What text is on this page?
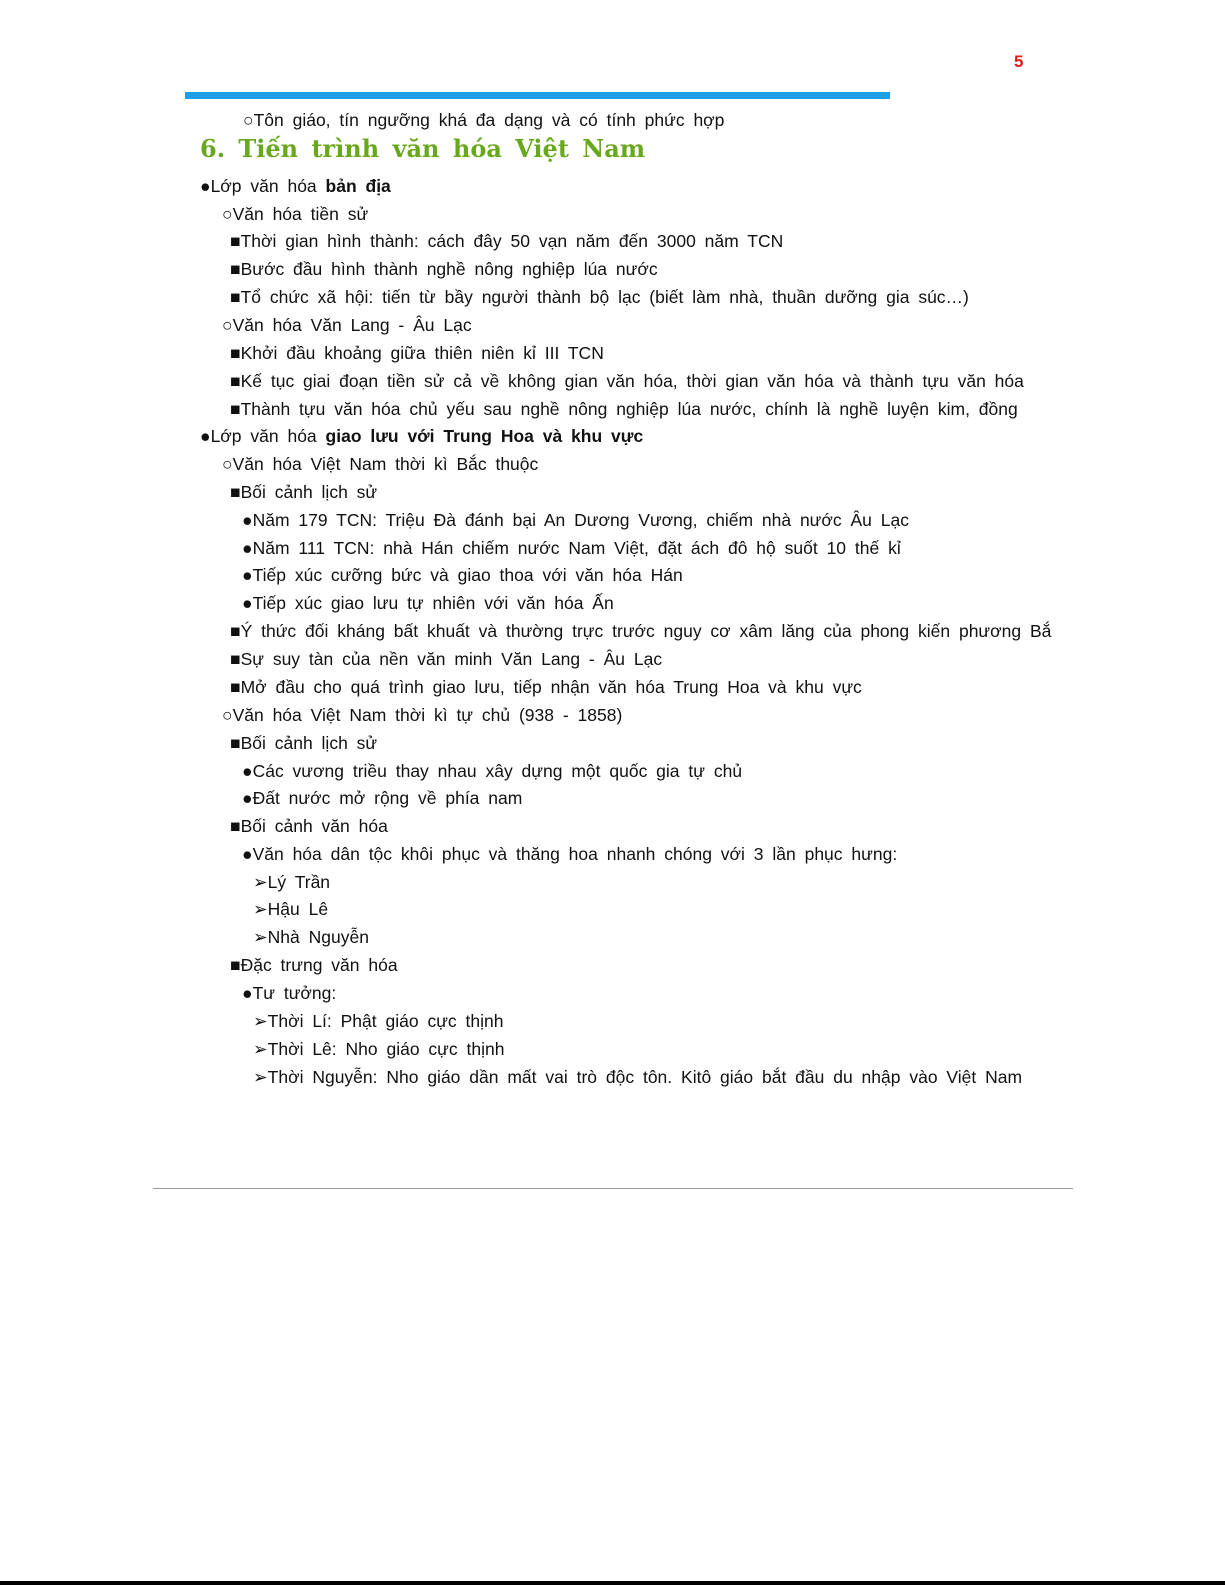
5
○Tôn giáo, tín ngưỡng khá đa dạng và có tính phức hợp
6. Tiến trình văn hóa Việt Nam
●Lớp văn hóa bản địa
○Văn hóa tiền sử
■Thời gian hình thành: cách đây 50 vạn năm đến 3000 năm TCN
■Bước đầu hình thành nghề nông nghiệp lúa nước
■Tổ chức xã hội: tiến từ bầy người thành bộ lạc (biết làm nhà, thuần dưỡng gia súc…)
○Văn hóa Văn Lang - Âu Lạc
■Khởi đầu khoảng giữa thiên niên kỉ III TCN
■Kế tục giai đoạn tiền sử cả về không gian văn hóa, thời gian văn hóa và thành tựu văn hóa
■Thành tựu văn hóa chủ yếu sau nghề nông nghiệp lúa nước, chính là nghề luyện kim, đồng
●Lớp văn hóa giao lưu với Trung Hoa và khu vực
○Văn hóa Việt Nam thời kì Bắc thuộc
■Bối cảnh lịch sử
●Năm 179 TCN: Triệu Đà đánh bại An Dương Vương, chiếm nhà nước Âu Lạc
●Năm 111 TCN: nhà Hán chiếm nước Nam Việt, đặt ách đô hộ suốt 10 thế kỉ
●Tiếp xúc cưỡng bức và giao thoa với văn hóa Hán
●Tiếp xúc giao lưu tự nhiên với văn hóa Ấn
■Ý thức đối kháng bất khuất và thường trực trước nguy cơ xâm lăng của phong kiến phương Bắ
■Sự suy tàn của nền văn minh Văn Lang - Âu Lạc
■Mở đầu cho quá trình giao lưu, tiếp nhận văn hóa Trung Hoa và khu vực
○Văn hóa Việt Nam thời kì tự chủ (938 - 1858)
■Bối cảnh lịch sử
●Các vương triều thay nhau xây dựng một quốc gia tự chủ
●Đất nước mở rộng về phía nam
■Bối cảnh văn hóa
●Văn hóa dân tộc khôi phục và thăng hoa nhanh chóng với 3 lần phục hưng:
➢Lý Trần
➢Hậu Lê
➢Nhà Nguyễn
■Đặc trưng văn hóa
●Tư tưởng:
➢Thời Lí: Phật giáo cực thịnh
➢Thời Lê: Nho giáo cực thịnh
➢Thời Nguyễn: Nho giáo dần mất vai trò độc tôn. Kitô giáo bắt đầu du nhập vào Việt Nam
